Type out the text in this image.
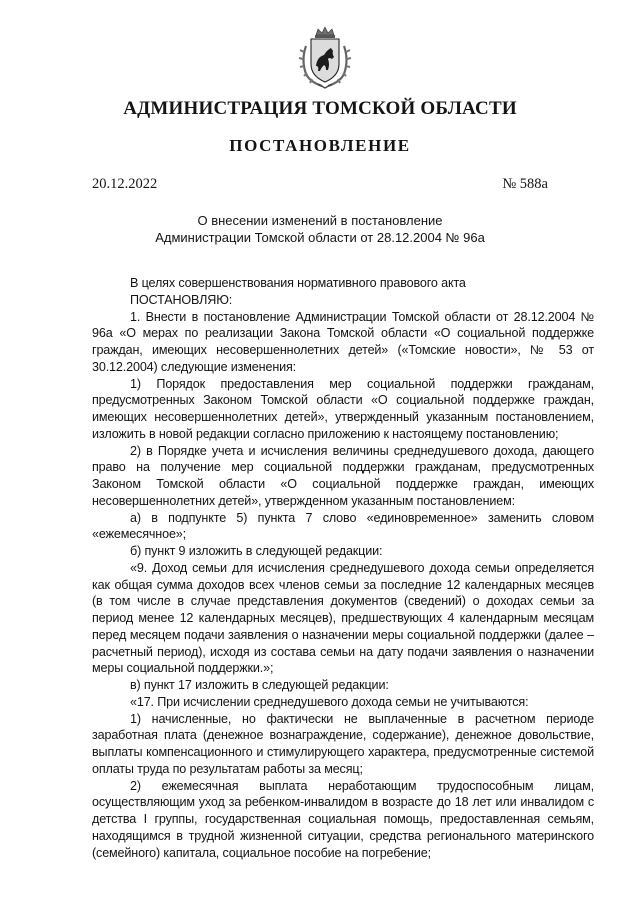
АДМИНИСТРАЦИЯ ТОМСКОЙ ОБЛАСТИ
ПОСТАНОВЛЕНИЕ
20.12.2022	№ 588а
О внесении изменений в постановление
Администрации Томской области от 28.12.2004 № 96а

В целях совершенствования нормативного правового акта

ПОСТАНОВЛЯЮ:

1. Внести в постановление Администрации Томской области от 28.12.2004 № 96а «О мерах по реализации Закона Томской области «О социальной поддержке граждан, имеющих несовершеннолетних детей» («Томские новости», № 53 от 30.12.2004) следующие изменения:

1) Порядок предоставления мер социальной поддержки гражданам, предусмотренных Законом Томской области «О социальной поддержке граждан, имеющих несовершеннолетних детей», утвержденный указанным постановлением, изложить в новой редакции согласно приложению к настоящему постановлению;

2) в Порядке учета и исчисления величины среднедушевого дохода, дающего право на получение мер социальной поддержки гражданам, предусмотренных Законом Томской области «О социальной поддержке граждан, имеющих несовершеннолетних детей», утвержденном указанным постановлением:

а) в подпункте 5) пункта 7 слово «единовременное» заменить словом «ежемесячное»;

б) пункт 9 изложить в следующей редакции:

«9. Доход семьи для исчисления среднедушевого дохода семьи определяется как общая сумма доходов всех членов семьи за последние 12 календарных месяцев (в том числе в случае представления документов (сведений) о доходах семьи за период менее 12 календарных месяцев), предшествующих 4 календарным месяцам перед месяцем подачи заявления о назначении меры социальной поддержки (далее – расчетный период), исходя из состава семьи на дату подачи заявления о назначении меры социальной поддержки.»;

в) пункт 17 изложить в следующей редакции:

«17. При исчислении среднедушевого дохода семьи не учитываются:

1) начисленные, но фактически не выплаченные в расчетном периоде заработная плата (денежное вознаграждение, содержание), денежное довольствие, выплаты компенсационного и стимулирующего характера, предусмотренные системой оплаты труда по результатам работы за месяц;

2) ежемесячная выплата неработающим трудоспособным лицам, осуществляющим уход за ребенком-инвалидом в возрасте до 18 лет или инвалидом с детства I группы, государственная социальная помощь, предоставленная семьям, находящимся в трудной жизненной ситуации, средства регионального материнского (семейного) капитала, социальное пособие на погребение;
